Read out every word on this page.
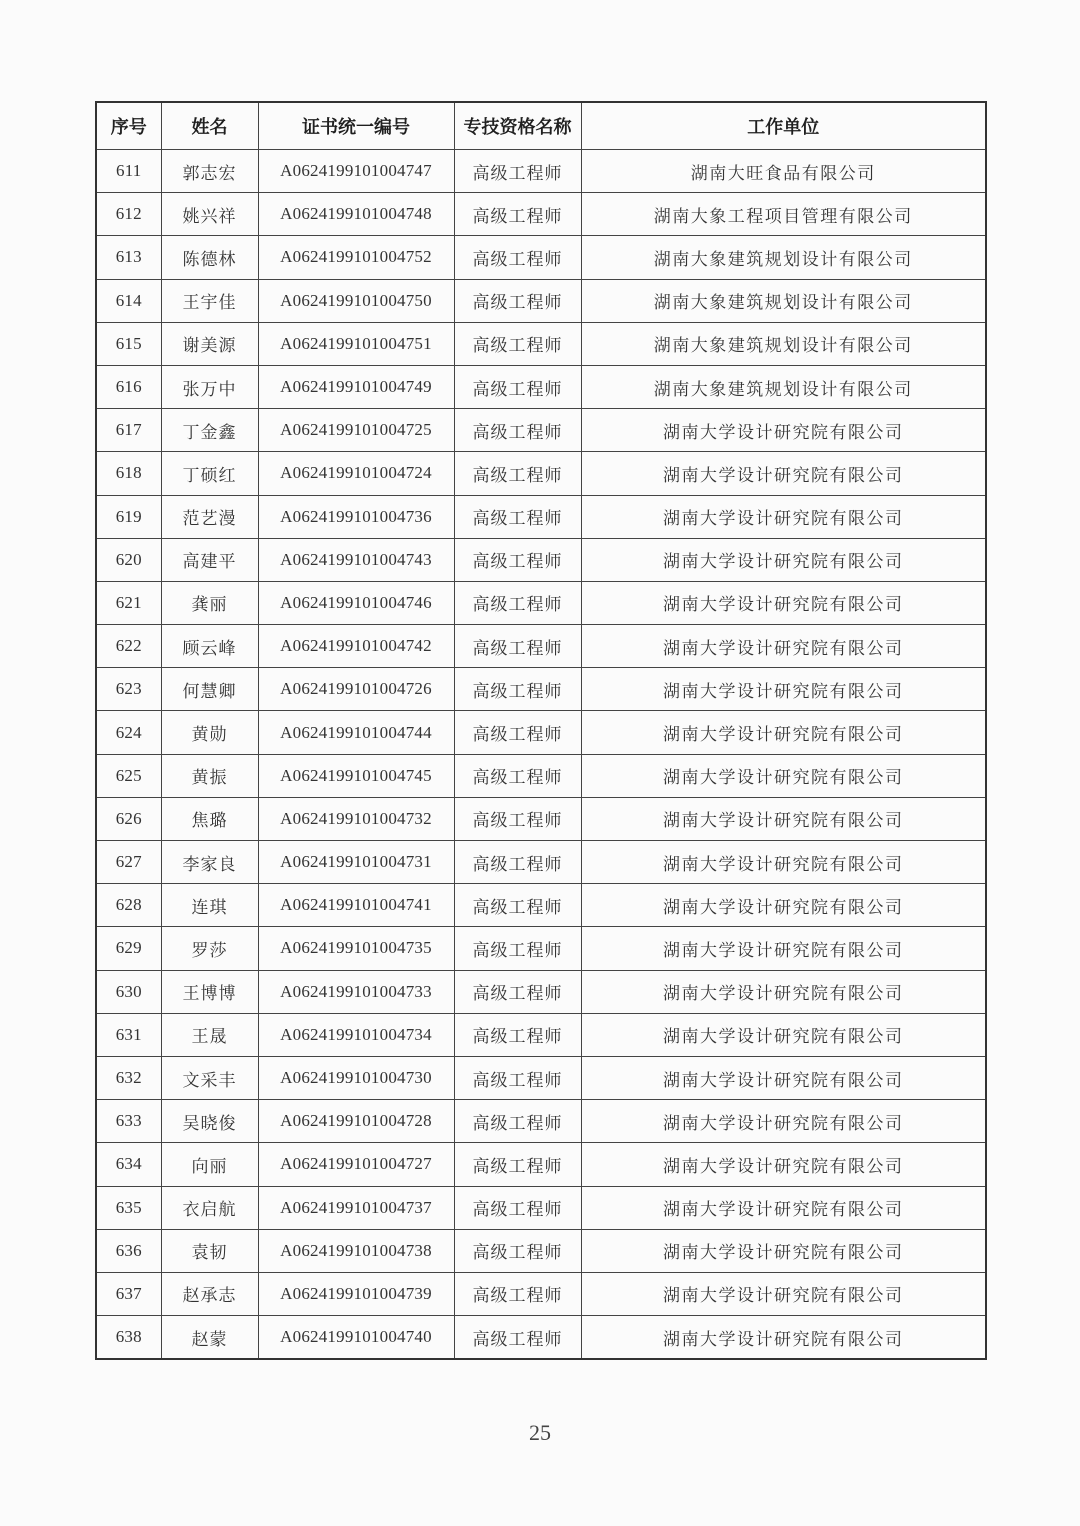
序号	姓名	证书统一编号	专技资格名称	工作单位
611	郭志宏	A0624199101004747	高级工程师	湖南大旺食品有限公司
612	姚兴祥	A0624199101004748	高级工程师	湖南大象工程项目管理有限公司
613	陈德林	A0624199101004752	高级工程师	湖南大象建筑规划设计有限公司
614	王宇佳	A0624199101004750	高级工程师	湖南大象建筑规划设计有限公司
615	谢美源	A0624199101004751	高级工程师	湖南大象建筑规划设计有限公司
616	张万中	A0624199101004749	高级工程师	湖南大象建筑规划设计有限公司
617	丁金鑫	A0624199101004725	高级工程师	湖南大学设计研究院有限公司
618	丁硕红	A0624199101004724	高级工程师	湖南大学设计研究院有限公司
619	范艺漫	A0624199101004736	高级工程师	湖南大学设计研究院有限公司
620	高建平	A0624199101004743	高级工程师	湖南大学设计研究院有限公司
621	龚丽	A0624199101004746	高级工程师	湖南大学设计研究院有限公司
622	顾云峰	A0624199101004742	高级工程师	湖南大学设计研究院有限公司
623	何慧卿	A0624199101004726	高级工程师	湖南大学设计研究院有限公司
624	黄勋	A0624199101004744	高级工程师	湖南大学设计研究院有限公司
625	黄振	A0624199101004745	高级工程师	湖南大学设计研究院有限公司
626	焦璐	A0624199101004732	高级工程师	湖南大学设计研究院有限公司
627	李家良	A0624199101004731	高级工程师	湖南大学设计研究院有限公司
628	连琪	A0624199101004741	高级工程师	湖南大学设计研究院有限公司
629	罗莎	A0624199101004735	高级工程师	湖南大学设计研究院有限公司
630	王博博	A0624199101004733	高级工程师	湖南大学设计研究院有限公司
631	王晟	A0624199101004734	高级工程师	湖南大学设计研究院有限公司
632	文采丰	A0624199101004730	高级工程师	湖南大学设计研究院有限公司
633	吴晓俊	A0624199101004728	高级工程师	湖南大学设计研究院有限公司
634	向丽	A0624199101004727	高级工程师	湖南大学设计研究院有限公司
635	衣启航	A0624199101004737	高级工程师	湖南大学设计研究院有限公司
636	袁韧	A0624199101004738	高级工程师	湖南大学设计研究院有限公司
637	赵承志	A0624199101004739	高级工程师	湖南大学设计研究院有限公司
638	赵蒙	A0624199101004740	高级工程师	湖南大学设计研究院有限公司
25
